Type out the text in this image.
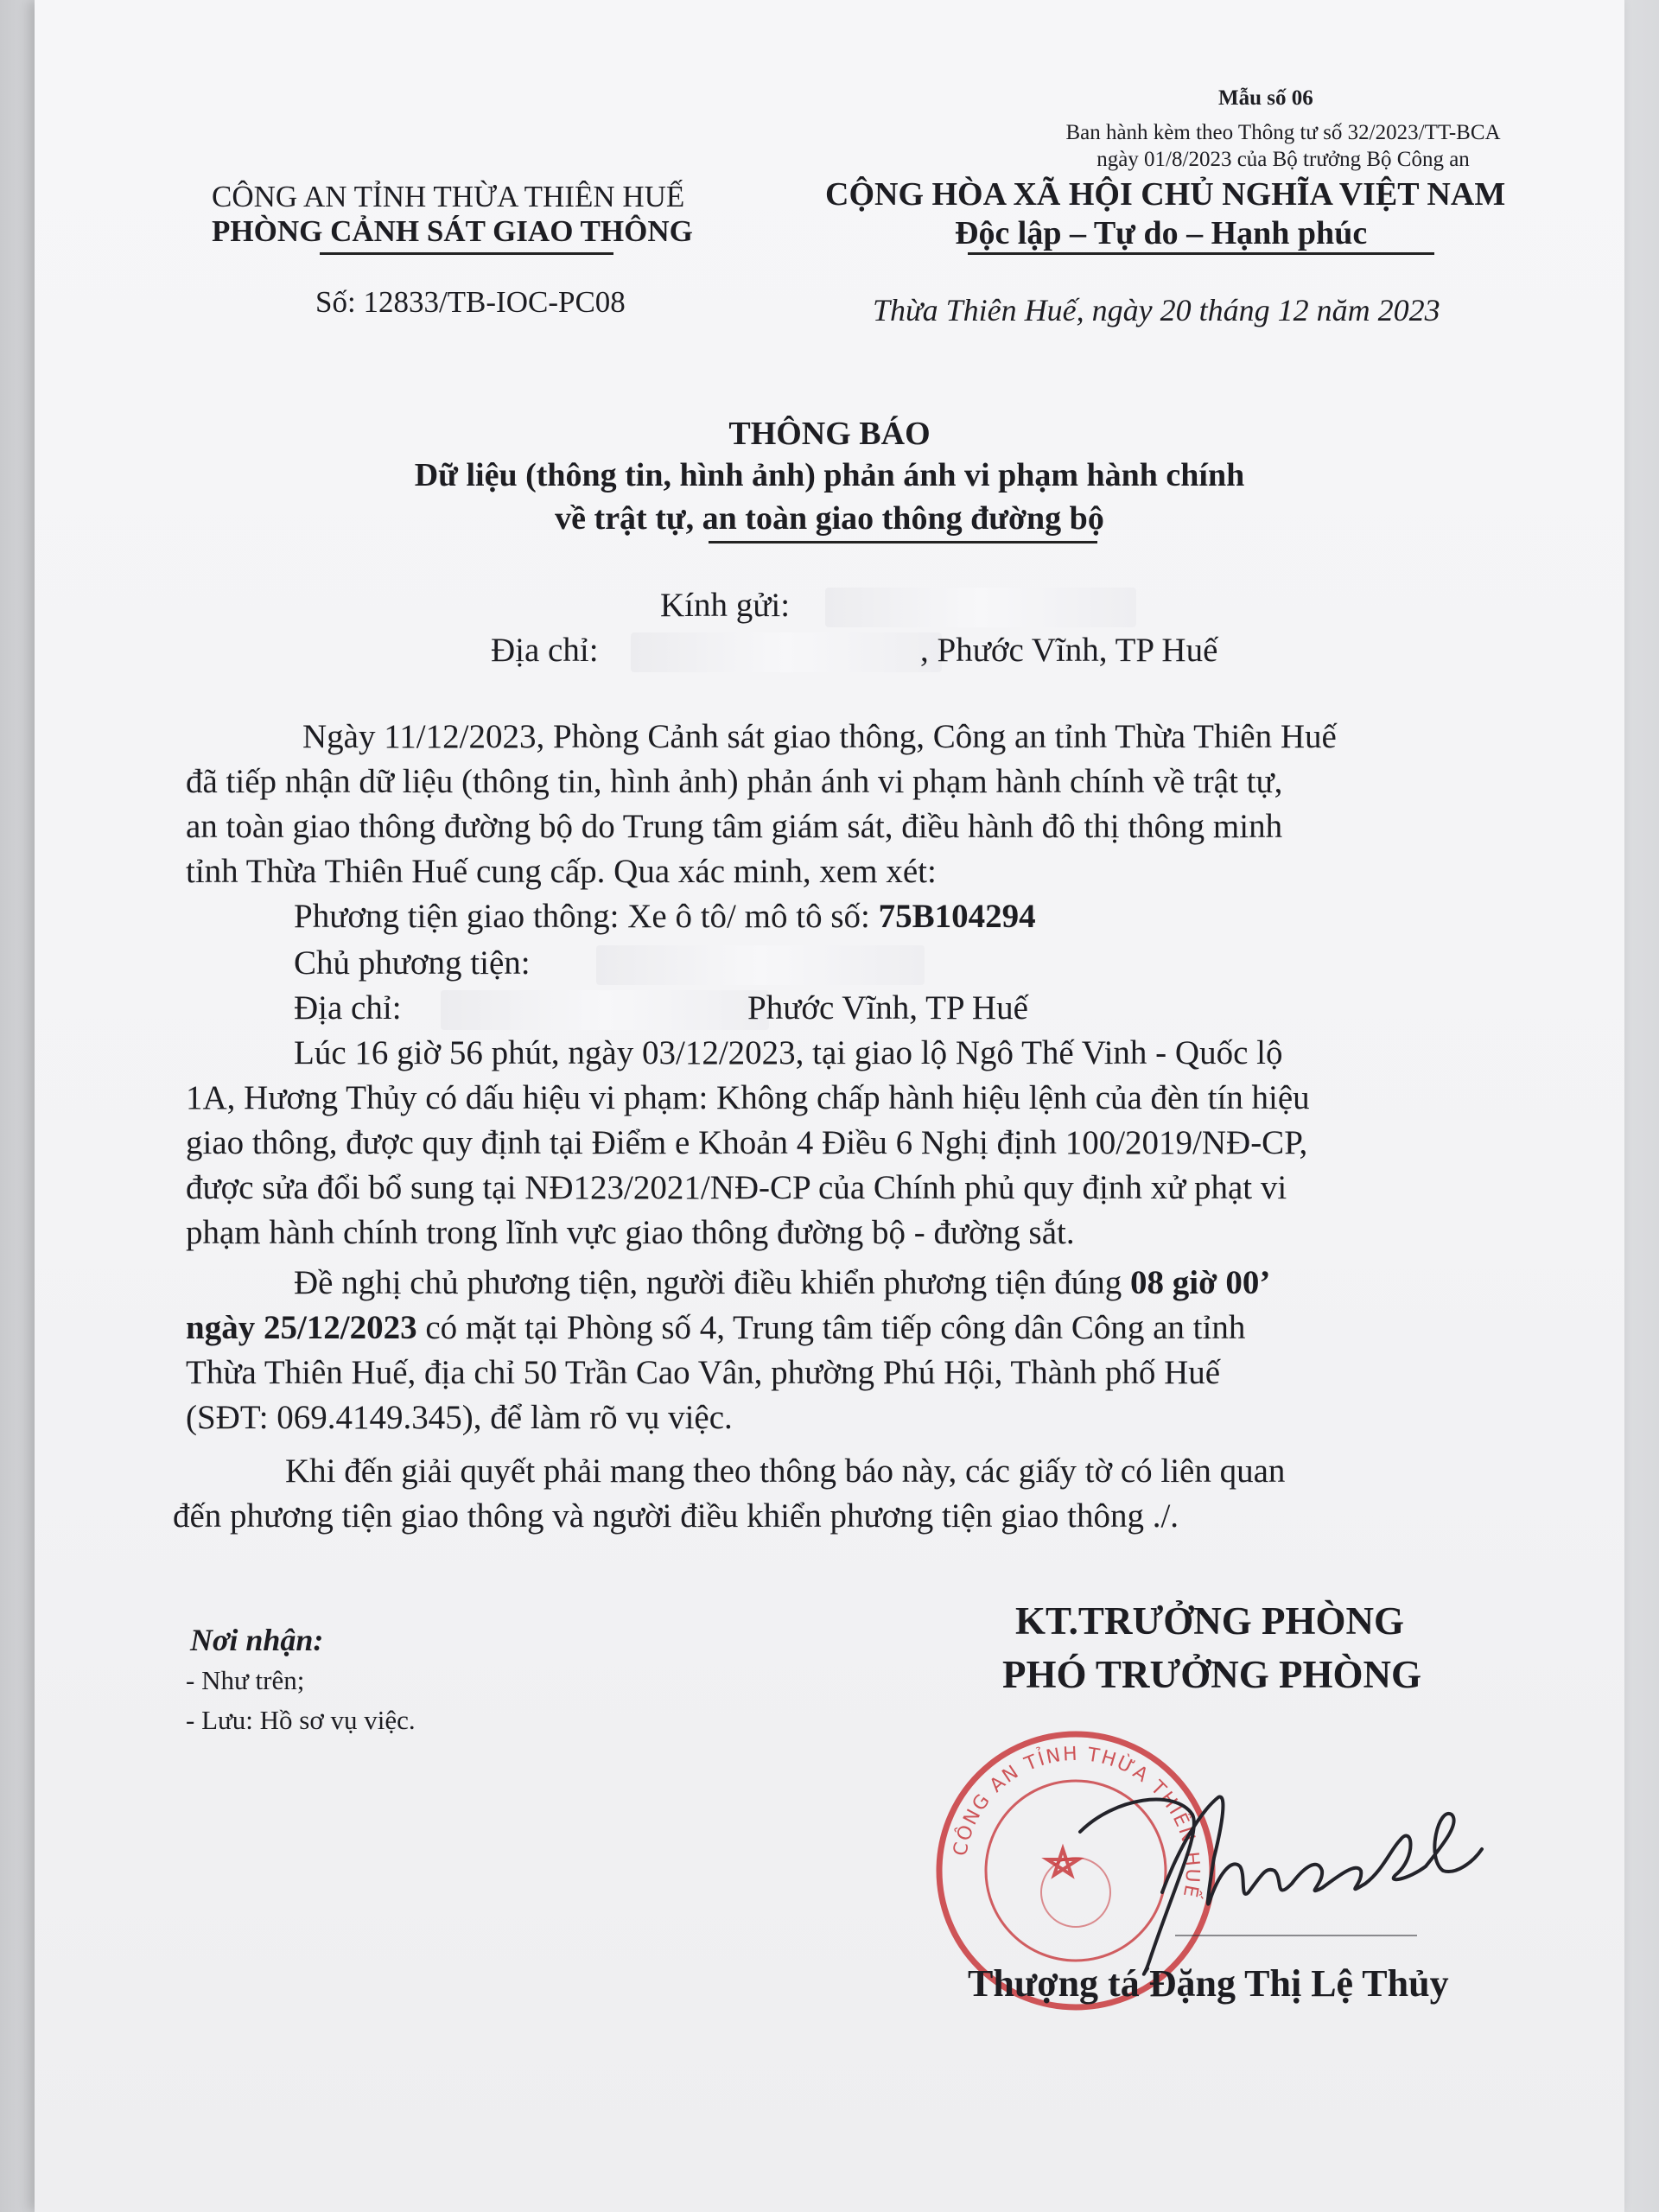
Mẫu số 06
Ban hành kèm theo Thông tư số 32/2023/TT-BCA
ngày 01/8/2023 của Bộ trưởng Bộ Công an
CÔNG AN TỈNH THỪA THIÊN HUẾ
PHÒNG CẢNH SÁT GIAO THÔNG
Số: 12833/TB-IOC-PC08
CỘNG HÒA XÃ HỘI CHỦ NGHĨA VIỆT NAM
Độc lập – Tự do – Hạnh phúc
Thừa Thiên Huế, ngày 20 tháng 12 năm 2023
THÔNG BÁO
Dữ liệu (thông tin, hình ảnh) phản ánh vi phạm hành chính
về trật tự, an toàn giao thông đường bộ
Kính gửi:
Địa chỉ:	, Phước Vĩnh, TP Huế
Ngày 11/12/2023, Phòng Cảnh sát giao thông, Công an tỉnh Thừa Thiên Huế
đã tiếp nhận dữ liệu (thông tin, hình ảnh) phản ánh vi phạm hành chính về trật tự,
an toàn giao thông đường bộ do Trung tâm giám sát, điều hành đô thị thông minh
tỉnh Thừa Thiên Huế cung cấp. Qua xác minh, xem xét:
Phương tiện giao thông: Xe ô tô/ mô tô số: 75B104294
Chủ phương tiện:
Địa chỉ:	Phước Vĩnh, TP Huế
Lúc 16 giờ 56 phút, ngày 03/12/2023, tại giao lộ Ngô Thế Vinh - Quốc lộ
1A, Hương Thủy có dấu hiệu vi phạm: Không chấp hành hiệu lệnh của đèn tín hiệu
giao thông, được quy định tại Điểm e Khoản 4 Điều 6 Nghị định 100/2019/NĐ-CP,
được sửa đổi bổ sung tại NĐ123/2021/NĐ-CP của Chính phủ quy định xử phạt vi
phạm hành chính trong lĩnh vực giao thông đường bộ - đường sắt.
Đề nghị chủ phương tiện, người điều khiển phương tiện đúng 08 giờ 00’
ngày 25/12/2023 có mặt tại Phòng số 4, Trung tâm tiếp công dân Công an tỉnh
Thừa Thiên Huế, địa chỉ 50 Trần Cao Vân, phường Phú Hội, Thành phố Huế
(SĐT: 069.4149.345), để làm rõ vụ việc.
Khi đến giải quyết phải mang theo thông báo này, các giấy tờ có liên quan
đến phương tiện giao thông và người điều khiển phương tiện giao thông ./.
Nơi nhận:
- Như trên;
- Lưu: Hồ sơ vụ việc.
KT.TRƯỞNG PHÒNG
PHÓ TRƯỞNG PHÒNG
CÔNG AN TỈNH THỪA THIÊN HUẾ
Thượng tá Đặng Thị Lệ Thủy
